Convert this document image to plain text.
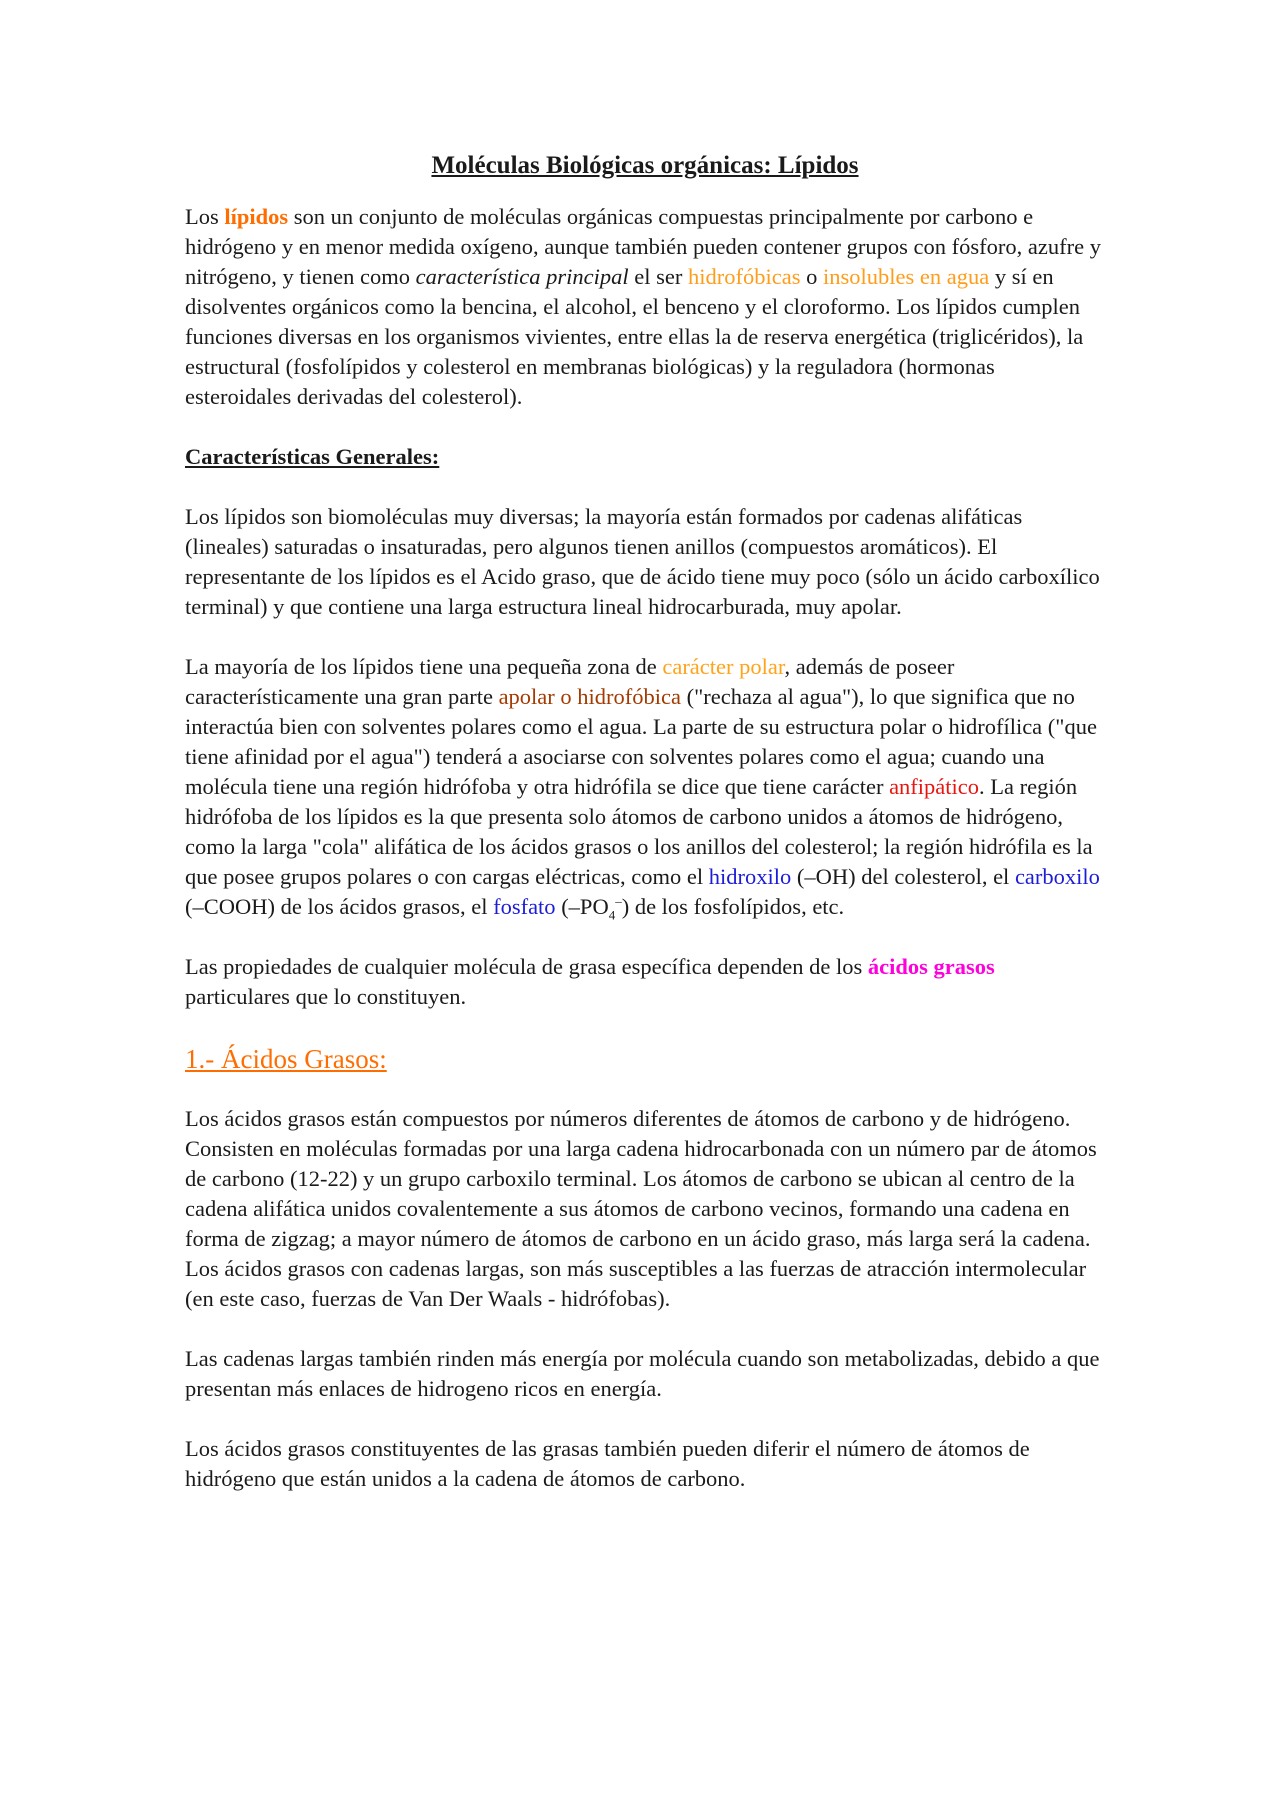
Moléculas Biológicas orgánicas: Lípidos

Los lípidos son un conjunto de moléculas orgánicas compuestas principalmente por carbono e hidrógeno y en menor medida oxígeno, aunque también pueden contener grupos con fósforo, azufre y nitrógeno, y tienen como característica principal el ser hidrofóbicas o insolubles en agua y sí en disolventes orgánicos como la bencina, el alcohol, el benceno y el cloroformo. Los lípidos cumplen funciones diversas en los organismos vivientes, entre ellas la de reserva energética (triglicéridos), la estructural (fosfolípidos y colesterol en membranas biológicas) y la reguladora (hormonas esteroidales derivadas del colesterol).

Características Generales:

Los lípidos son biomoléculas muy diversas; la mayoría están formados por cadenas alifáticas (lineales) saturadas o insaturadas, pero algunos tienen anillos (compuestos aromáticos). El representante de los lípidos es el Acido graso, que de ácido tiene muy poco (sólo un ácido carboxílico terminal) y que contiene una larga estructura lineal hidrocarburada, muy apolar.

La mayoría de los lípidos tiene una pequeña zona de carácter polar, además de poseer característicamente una gran parte apolar o hidrofóbica ("rechaza al agua"), lo que significa que no interactúa bien con solventes polares como el agua. La parte de su estructura polar o hidrofílica ("que tiene afinidad por el agua") tenderá a asociarse con solventes polares como el agua; cuando una molécula tiene una región hidrófoba y otra hidrófila se dice que tiene carácter anfipático. La región hidrófoba de los lípidos es la que presenta solo átomos de carbono unidos a átomos de hidrógeno, como la larga "cola" alifática de los ácidos grasos o los anillos del colesterol; la región hidrófila es la que posee grupos polares o con cargas eléctricas, como el hidroxilo (–OH) del colesterol, el carboxilo (–COOH) de los ácidos grasos, el fosfato $(-PO_4^-)$ de los fosfolípidos, etc.

Las propiedades de cualquier molécula de grasa específica dependen de los ácidos grasos particulares que lo constituyen.

1.- Ácidos Grasos:

Los ácidos grasos están compuestos por números diferentes de átomos de carbono y de hidrógeno. Consisten en moléculas formadas por una larga cadena hidrocarbonada con un número par de átomos de carbono (12-22) y un grupo carboxilo terminal. Los átomos de carbono se ubican al centro de la cadena alifática unidos covalentemente a sus átomos de carbono vecinos, formando una cadena en forma de zigzag; a mayor número de átomos de carbono en un ácido graso, más larga será la cadena. Los ácidos grasos con cadenas largas, son más susceptibles a las fuerzas de atracción intermolecular (en este caso, fuerzas de Van Der Waals - hidrófobas).

Las cadenas largas también rinden más energía por molécula cuando son metabolizadas, debido a que presentan más enlaces de hidrogeno ricos en energía.

Los ácidos grasos constituyentes de las grasas también pueden diferir el número de átomos de hidrógeno que están unidos a la cadena de átomos de carbono.
